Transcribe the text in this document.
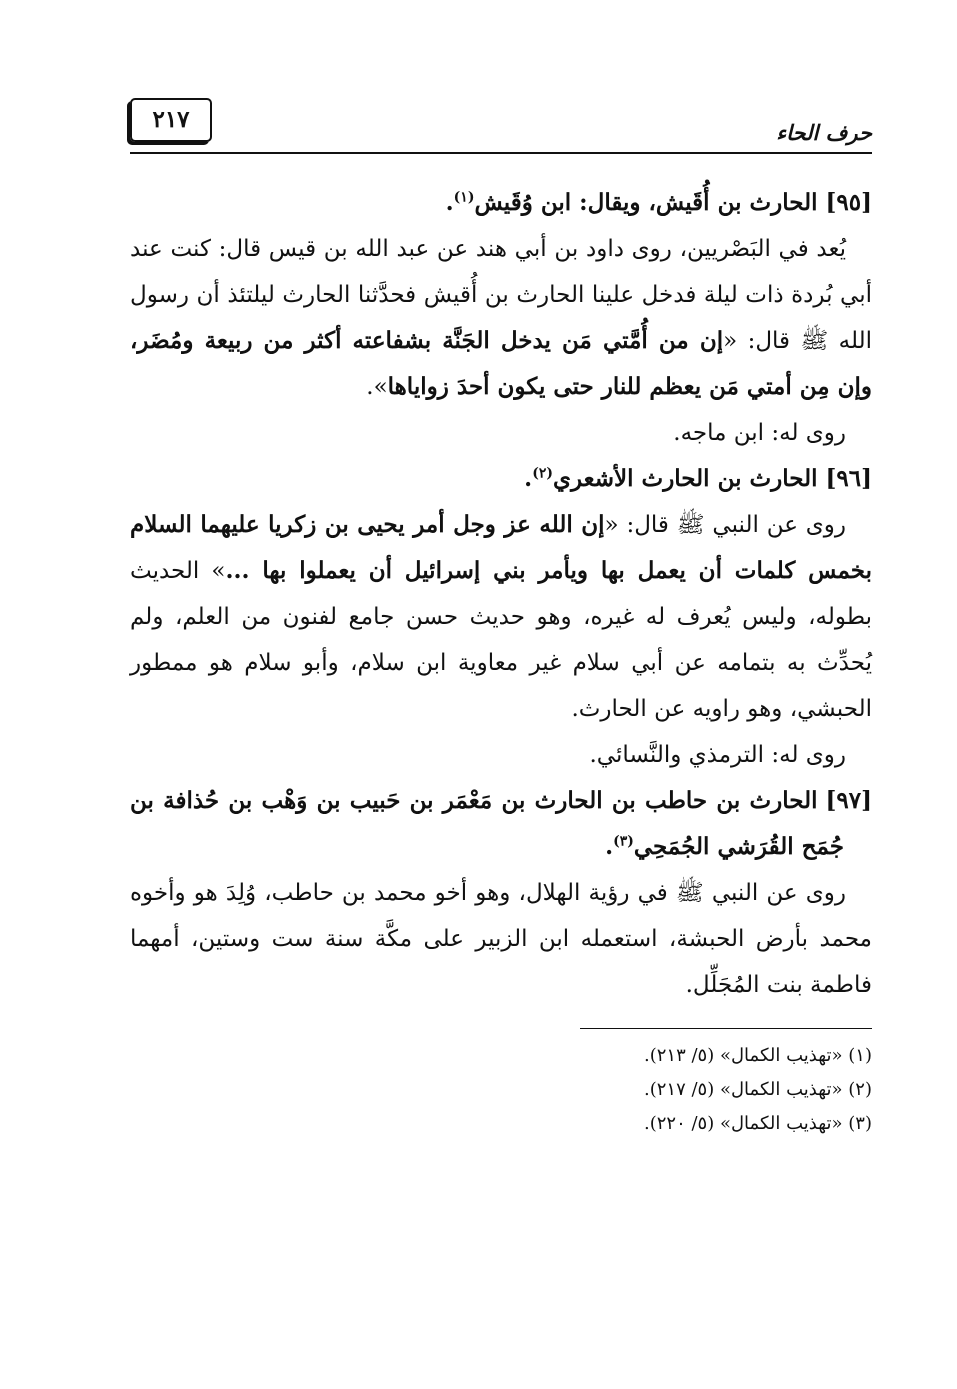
حرف الحاء
٢١٧

[٩٥]الحارث بن أُقَيش، ويقال: ابن وُقَيش$^{(١)}$.

يُعد في البَصْريين، روى داود بن أبي هند عن عبد الله بن قيس قال: كنت عند أبي بُردة ذات ليلة فدخل علينا الحارث بن أُقيش فحدَّثنا الحارث ليلتئذ أن رسول الله ﷺ قال: «إن من أُمَّتي مَن يدخل الجَنَّة بشفاعته أكثر من ربيعة ومُضَر، وإن مِن أمتي مَن يعظم للنار حتى يكون أحدَ زواياها».

روى له: ابن ماجه.

[٩٦]الحارث بن الحارث الأشعري$^{(٢)}$.

روى عن النبي ﷺ قال: «إن الله عز وجل أمر يحيى بن زكريا عليهما السلام بخمس كلمات أن يعمل بها ويأمر بني إسرائيل أن يعملوا بها ...» الحديث بطوله، وليس يُعرف له غيره، وهو حديث حسن جامع لفنون من العلم، ولم يُحدِّث به بتمامه عن أبي سلام غير معاوية ابن سلام، وأبو سلام هو ممطور الحبشي، وهو راويه عن الحارث.

روى له: الترمذي والنَّسائي.

[٩٧]الحارث بن حاطب بن الحارث بن مَعْمَر بن حَبيب بن وَهْب بن حُذافة بن جُمَح القُرَشي الجُمَحِي$^{(٣)}$.

روى عن النبي ﷺ في رؤية الهلال، وهو أخو محمد بن حاطب، وُلِدَ هو وأخوه محمد بأرض الحبشة، استعمله ابن الزبير على مكَّة سنة ست وستين، أمهما فاطمة بنت المُجَلِّل.

(١) «تهذيب الكمال» (٥/ ٢١٣).

(٢) «تهذيب الكمال» (٥/ ٢١٧).

(٣) «تهذيب الكمال» (٥/ ٢٢٠).
